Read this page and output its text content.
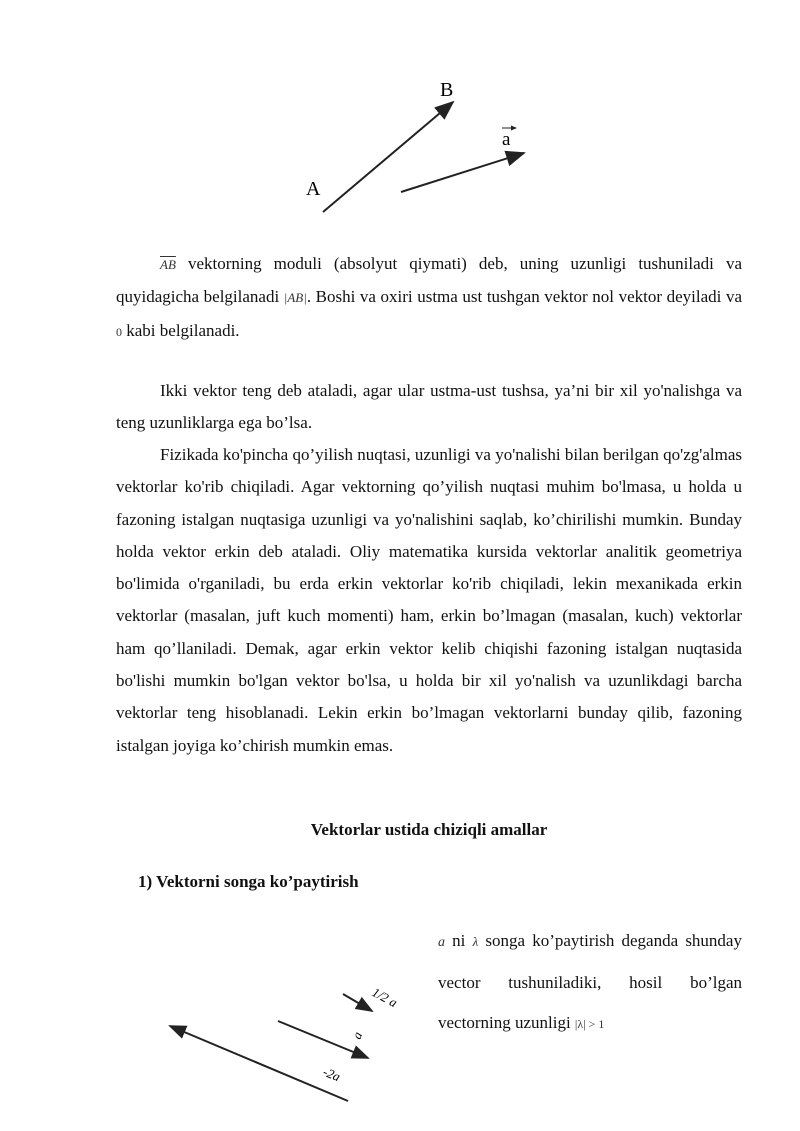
B
A
a

$\overline{AB}$ vektorning moduli (absolyut qiymati) deb, uning uzunligi tushuniladi va quyidagicha belgilanadi |AB|. Boshi va oxiri ustma ust tushgan vektor nol vektor deyiladi va 0 kabi belgilanadi.

Ikki vektor teng deb ataladi, agar ular ustma-ust tushsa, ya’ni bir xil yo'nalishga va teng uzunliklarga ega bo’lsa.

Fizikada ko'pincha qo’yilish nuqtasi, uzunligi va yo'nalishi bilan berilgan qo'zg'almas vektorlar ko'rib chiqiladi. Agar vektorning qo’yilish nuqtasi muhim bo'lmasa, u holda u fazoning istalgan nuqtasiga uzunligi va yo'nalishini saqlab, ko’chirilishi mumkin. Bunday holda vektor erkin deb ataladi. Oliy matematika kursida vektorlar analitik geometriya bo'limida o'rganiladi, bu erda erkin vektorlar ko'rib chiqiladi, lekin mexanikada erkin vektorlar (masalan, juft kuch momenti) ham, erkin bo’lmagan (masalan, kuch) vektorlar ham qo’llaniladi. Demak, agar erkin vektor kelib chiqishi fazoning istalgan nuqtasida bo'lishi mumkin bo'lgan vektor bo'lsa, u holda bir xil yo'nalish va uzunlikdagi barcha vektorlar teng hisoblanadi. Lekin erkin bo’lmagan vektorlarni bunday qilib, fazoning istalgan joyiga ko’chirish mumkin emas.

Vektorlar ustida chiziqli amallar

1) Vektorni songa ko’paytirish

1/2 a
a
-2a

a ni λ songa ko’paytirish deganda shunday vector tushuniladiki, hosil bo’lgan vectorning uzunligi |λ| > 1
